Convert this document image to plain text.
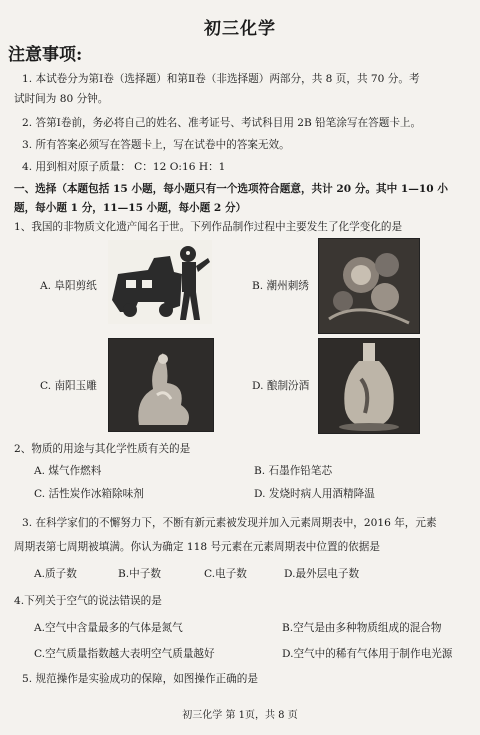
初三化学
注意事项:
1. 本试卷分为第Ⅰ卷（选择题）和第Ⅱ卷（非选择题）两部分，共 8 页，共 70 分。考
试时间为 80 分钟。
2. 答第Ⅰ卷前，务必将自己的姓名、准考证号、考试科目用 2B 铅笔涂写在答题卡上。
3. 所有答案必须写在答题卡上，写在试卷中的答案无效。
4. 用到相对原子质量： C：12 O:16 H：1
一、选择（本题包括 15 小题，每小题只有一个选项符合题意，共计 20 分。其中 1—10 小
题，每小题 1 分，11—15 小题，每小题 2 分）
1、我国的非物质文化遗产闻名于世。下列作品制作过程中主要发生了化学变化的是
A. 阜阳剪纸	B. 潮州刺绣
C. 南阳玉雕	D. 酿制汾酒
2、物质的用途与其化学性质有关的是
A. 煤气作燃料	B. 石墨作铅笔芯
C. 活性炭作冰箱除味剂	D. 发烧时病人用酒精降温
3. 在科学家们的不懈努力下，不断有新元素被发现并加入元素周期表中，2016 年，元素
周期表第七周期被填满。你认为确定 118 号元素在元素周期表中位置的依据是
A.质子数	B.中子数	C.电子数	D.最外层电子数
4.下列关于空气的说法错误的是
A.空气中含量最多的气体是氮气	B.空气是由多种物质组成的混合物
C.空气质量指数越大表明空气质量越好	D.空气中的稀有气体用于制作电光源
5. 规范操作是实验成功的保障，如图操作正确的是
初三化学 第 1页，共 8 页
